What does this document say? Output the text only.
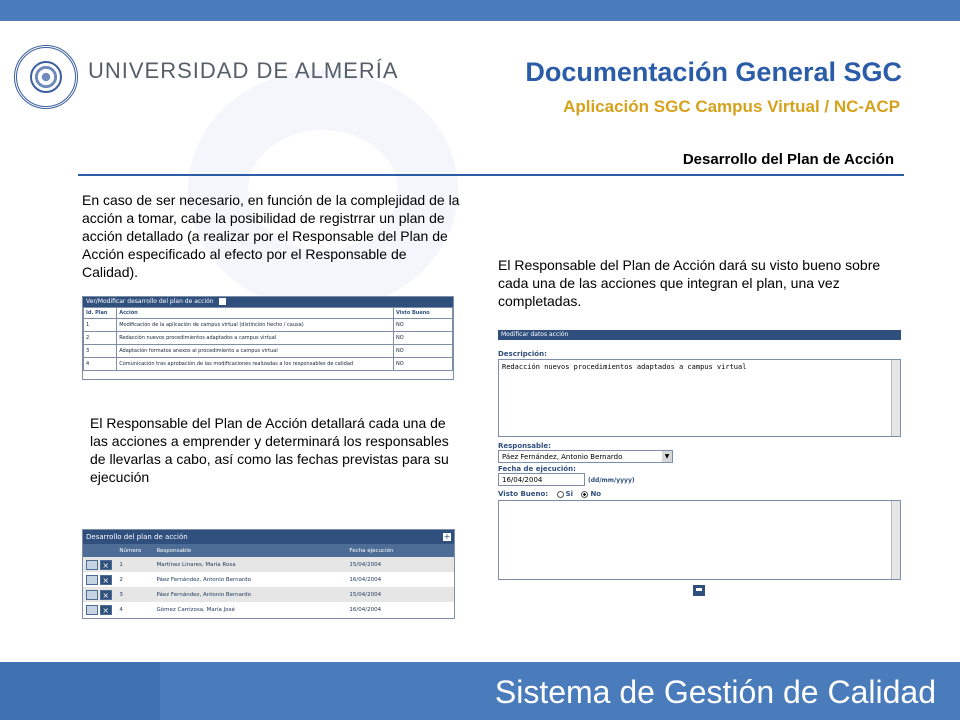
UNIVERSIDAD DE ALMERÍA	Documentación General SGC
Aplicación SGC Campus Virtual / NC-ACP
Desarrollo del Plan de Acción
En caso de ser necesario, en función de la complejidad de la acción a tomar, cabe la posibilidad de registrrar un plan de acción detallado (a realizar por el Responsable del Plan de Acción especificado al efecto por el Responsable de Calidad).	El Responsable del Plan de Acción dará su visto bueno sobre cada una de las acciones que integran el plan, una vez completadas.
El Responsable del Plan de Acción detallará cada una de las acciones a emprender y determinará los responsables de llevarlas a cabo, así como las fechas previstas para su ejecución
Ver/Modificar desarrollo del plan de acción
Id. Plan	Acción	Visto Bueno
1	Modificación de la aplicación de campus virtual (distinción hecho / causa)	NO
2	Redacción nuevos procedimientos adaptados a campus virtual	NO
3	Adaptación formatos anexos al procedimiento a campus virtual	NO
4	Comunicación tras aprobación de las modificaciones realizadas a los responsables de calidad	NO
Desarrollo del plan de acción	+
	Número	Responsable	Fecha ejecución
×	1	Martínez Linares, María Rosa	15/04/2004
×	2	Páez Fernández, Antonio Bernardo	16/04/2004
×	3	Páez Fernández, Antonio Bernardo	15/04/2004
×	4	Gómez Carrizosa, María José	16/04/2004
Modificar datos acción
Descripción:
Redacción nuevos procedimientos adaptados a campus virtual
Responsable:
Páez Fernández, Antonio Bernardo	▼
Fecha de ejecución:
16/04/2004	(dd/mm/yyyy)
Visto Bueno: Si No
Sistema de Gestión de Calidad
